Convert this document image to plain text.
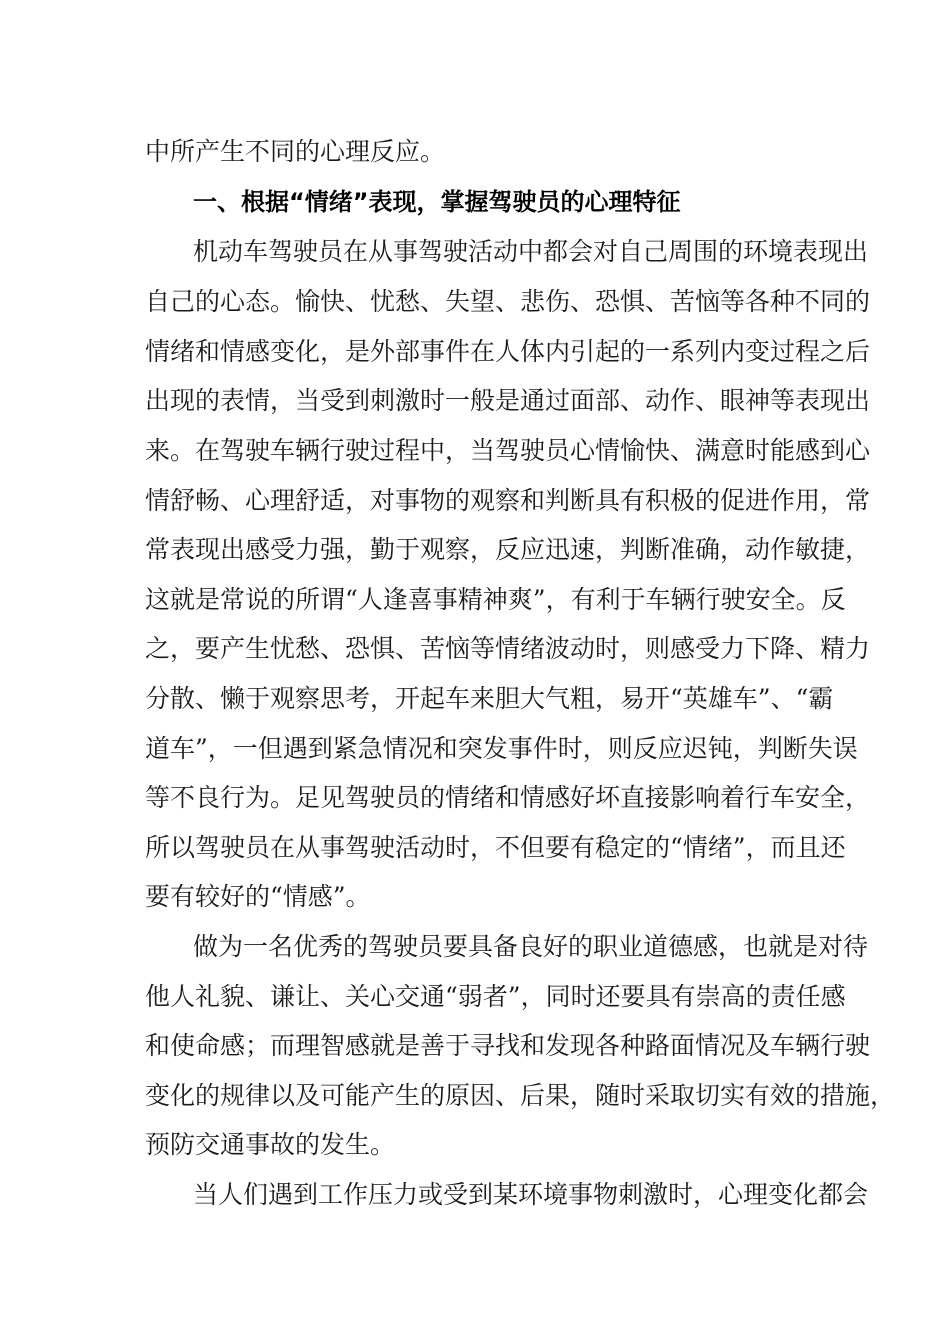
中所产生不同的心理反应。
一、根据“情绪”表现，掌握驾驶员的心理特征
机动车驾驶员在从事驾驶活动中都会对自己周围的环境表现出
自己的心态。愉快、忧愁、失望、悲伤、恐惧、苦恼等各种不同的
情绪和情感变化，是外部事件在人体内引起的一系列内变过程之后
出现的表情，当受到刺激时一般是通过面部、动作、眼神等表现出
来。在驾驶车辆行驶过程中，当驾驶员心情愉快、满意时能感到心
情舒畅、心理舒适，对事物的观察和判断具有积极的促进作用，常
常表现出感受力强，勤于观察，反应迅速，判断准确，动作敏捷，
这就是常说的所谓“人逢喜事精神爽”，有利于车辆行驶安全。反
之，要产生忧愁、恐惧、苦恼等情绪波动时，则感受力下降、精力
分散、懒于观察思考，开起车来胆大气粗，易开“英雄车”、“霸
道车”，一但遇到紧急情况和突发事件时，则反应迟钝，判断失误
等不良行为。足见驾驶员的情绪和情感好坏直接影响着行车安全，
所以驾驶员在从事驾驶活动时，不但要有稳定的“情绪”，而且还
要有较好的“情感”。
做为一名优秀的驾驶员要具备良好的职业道德感，也就是对待
他人礼貌、谦让、关心交通“弱者”，同时还要具有崇高的责任感
和使命感；而理智感就是善于寻找和发现各种路面情况及车辆行驶
变化的规律以及可能产生的原因、后果，随时采取切实有效的措施，
预防交通事故的发生。
当人们遇到工作压力或受到某环境事物刺激时，心理变化都会
